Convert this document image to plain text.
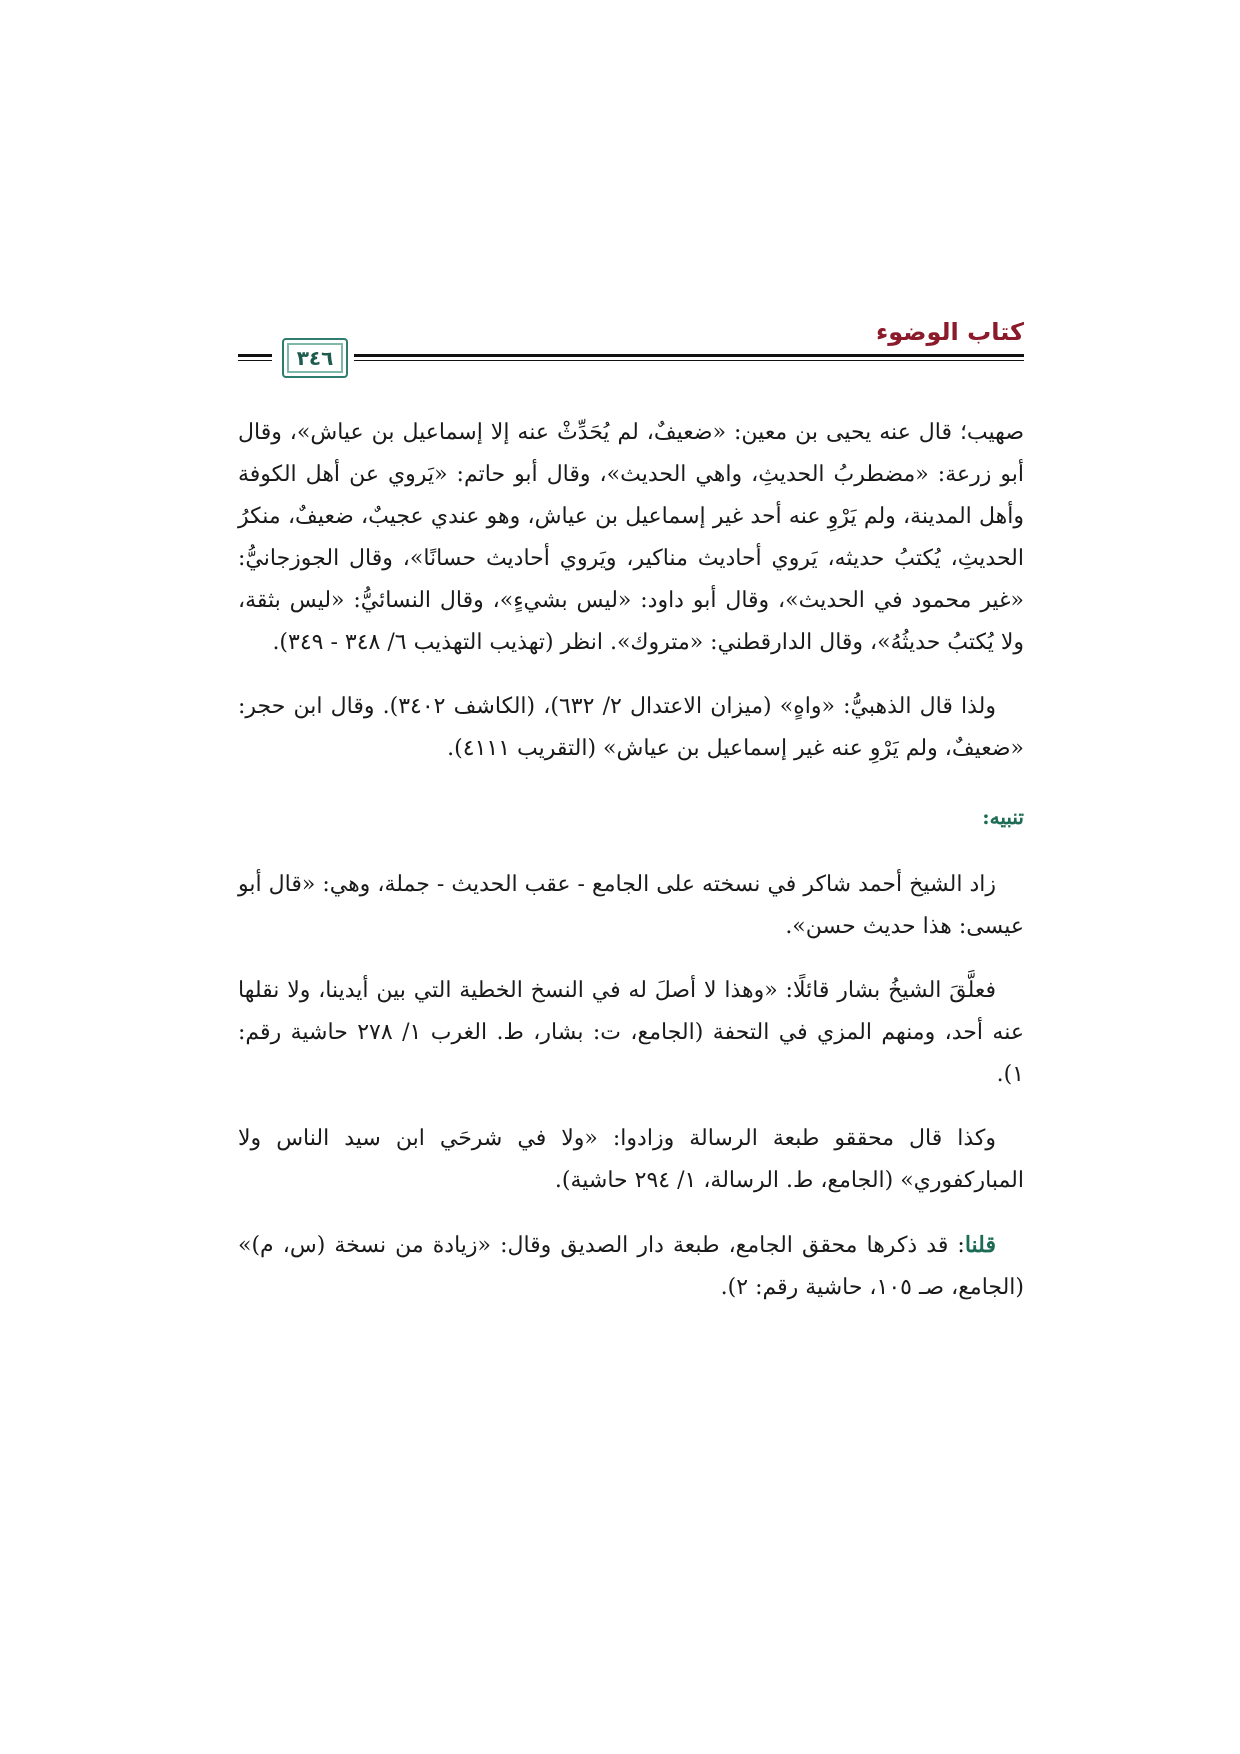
كتاب الوضوء
٣٤٦

صهيب؛ قال عنه يحيى بن معين: «ضعيفٌ، لم يُحَدِّثْ عنه إلا إسماعيل بن عياش»، وقال أبو زرعة: «مضطربُ الحديثِ، واهي الحديث»، وقال أبو حاتم: «يَروي عن أهل الكوفة وأهل المدينة، ولم يَرْوِ عنه أحد غير إسماعيل بن عياش، وهو عندي عجيبٌ، ضعيفٌ، منكرُ الحديثِ، يُكتبُ حديثه، يَروي أحاديث مناكير، ويَروي أحاديث حسانًا»، وقال الجوزجانيُّ: «غير محمود في الحديث»، وقال أبو داود: «ليس بشيءٍ»، وقال النسائيُّ: «ليس بثقة، ولا يُكتبُ حديثُهُ»، وقال الدارقطني: «متروك». انظر (تهذيب التهذيب ٦/ ٣٤٨ - ٣٤٩).

ولذا قال الذهبيُّ: «واهٍ» (ميزان الاعتدال ٢/ ٦٣٢)، (الكاشف ٣٤٠٢). وقال ابن حجر: «ضعيفٌ، ولم يَرْوِ عنه غير إسماعيل بن عياش» (التقريب ٤١١١).

تنبيه:

زاد الشيخ أحمد شاكر في نسخته على الجامع - عقب الحديث - جملة، وهي: «قال أبو عيسى: هذا حديث حسن».

فعلَّقَ الشيخُ بشار قائلًا: «وهذا لا أصلَ له في النسخ الخطية التي بين أيدينا، ولا نقلها عنه أحد، ومنهم المزي في التحفة (الجامع، ت: بشار، ط. الغرب ١/ ٢٧٨ حاشية رقم: ١).

وكذا قال محققو طبعة الرسالة وزادوا: «ولا في شرحَي ابن سيد الناس ولا المباركفوري» (الجامع، ط. الرسالة، ١/ ٢٩٤ حاشية).

قلنا: قد ذكرها محقق الجامع، طبعة دار الصديق وقال: «زيادة من نسخة (س، م)» (الجامع، صـ ١٠٥، حاشية رقم: ٢).
